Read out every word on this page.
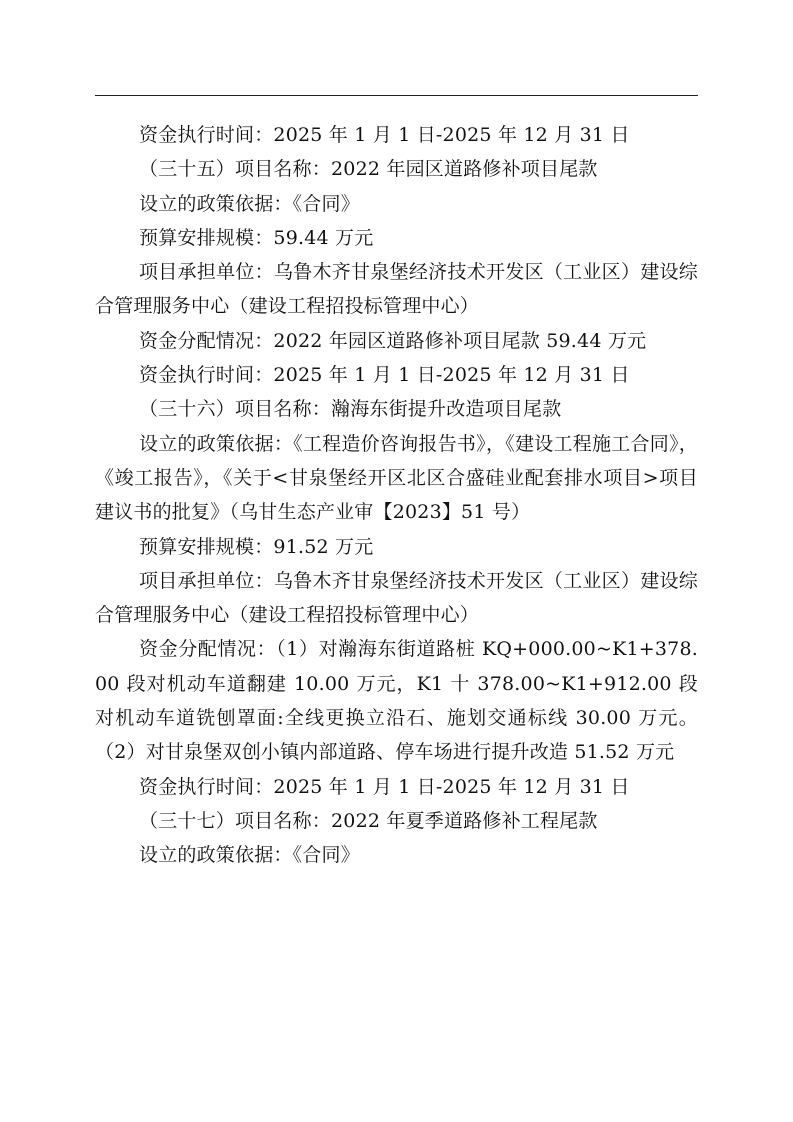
资金执行时间：2025 年 1 月 1 日-2025 年 12 月 31 日

（三十五）项目名称：2022 年园区道路修补项目尾款

设立的政策依据：《合同》

预算安排规模：59.44 万元

项目承担单位：乌鲁木齐甘泉堡经济技术开发区（工业区）建设综合管理服务中心（建设工程招投标管理中心）

资金分配情况：2022 年园区道路修补项目尾款 59.44 万元

资金执行时间：2025 年 1 月 1 日-2025 年 12 月 31 日

（三十六）项目名称：瀚海东街提升改造项目尾款

设立的政策依据：《工程造价咨询报告书》，《建设工程施工合同》，《竣工报告》，《关于<甘泉堡经开区北区合盛硅业配套排水项目>项目建议书的批复》（乌甘生态产业审【2023】51 号）

预算安排规模：91.52 万元

项目承担单位：乌鲁木齐甘泉堡经济技术开发区（工业区）建设综合管理服务中心（建设工程招投标管理中心）

资金分配情况：（1）对瀚海东街道路桩 KQ+000.00~K1+378.00 段对机动车道翻建 10.00 万元，K1 十 378.00~K1+912.00 段对机动车道铣刨罩面:全线更换立沿石、施划交通标线 30.00 万元。（2）对甘泉堡双创小镇内部道路、停车场进行提升改造 51.52 万元

资金执行时间：2025 年 1 月 1 日-2025 年 12 月 31 日

（三十七）项目名称：2022 年夏季道路修补工程尾款

设立的政策依据：《合同》
